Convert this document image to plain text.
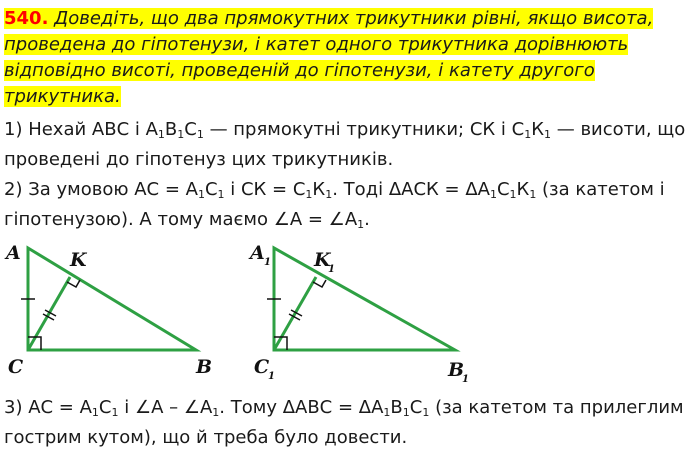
540. Доведіть, що два прямокутних трикутники рівні, якщо висота, проведена до гіпотенузи, і катет одного трикутника дорівнюють відповідно висоті, проведеній до гіпотенузи, і катету другого трикутника.
1) Нехай АВС і $А_1В_1С_1$ — прямокутні трикутники; СК і $С_1К_1$ — висоти, що проведені до гіпотенуз цих трикутників.
2) За умовою АС = $А_1С_1$ і СК = $С_1К_1$. Тоді $\Delta АСК = \Delta А_1С_1К_1$ (за катетом і гіпотенузою). А тому маємо ∠А = $\angle А_1$.
A	K
C	B
A 1 K
1
C
1	B
1
3) АС = $А_1С_1$ і ∠А – $\angle А_1$. Тому $\Delta АВС = \Delta А_1В_1С_1$ (за катетом та прилеглим гострим кутом), що й треба було довести.
